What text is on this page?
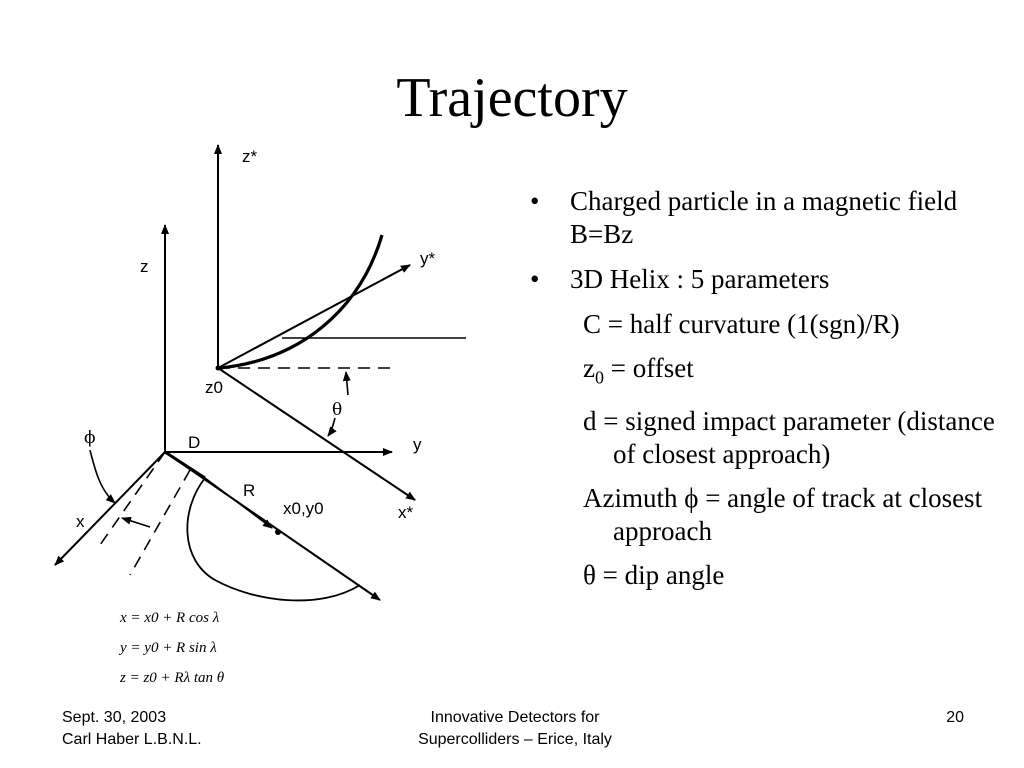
Trajectory
z*
y*
z
z0
θ
ϕ	D	y
R
x0,y0	x*
x
x = x0 + R cos λ
y = y0 + R sin λ
z = z0 + Rλ tan θ
• Charged particle in a magnetic field B=Bz
• 3D Helix : 5 parameters
C = half curvature (1(sgn)/R)
$z_0$ = offset
d = signed impact parameter (distance of closest approach)
Azimuth ϕ = angle of track at closest approach
θ = dip angle
Sept. 30, 2003
Carl Haber L.B.N.L.
Innovative Detectors for
Supercolliders – Erice, Italy
20
